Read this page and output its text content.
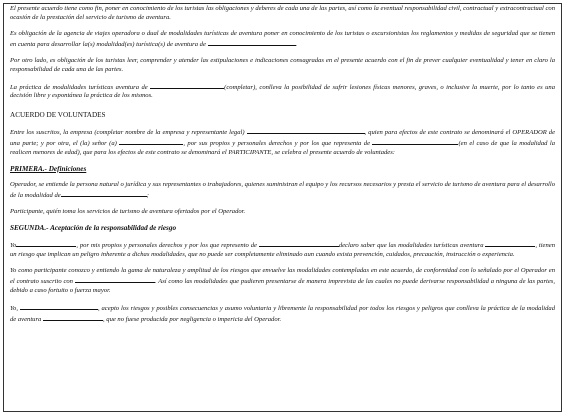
El presente acuerdo tiene como fin, poner en conocimiento de los turistas las obligaciones y deberes de cada una de las partes, así como la eventual responsabilidad civil, contractual y extracontractual con ocasión de la prestación del servicio de turismo de aventura.

Es obligación de la agencia de viajes operadora o dual de modalidades turísticas de aventura poner en conocimiento de los turistas o excursionistas los reglamentos y medidas de seguridad que se tienen en cuenta para desarrollar la(s) modalidad(es) turística(s) de aventura de	.

Por otro lado, es obligación de los turistas leer, comprender y atender las estipulaciones e indicaciones consagradas en el presente acuerdo con el fin de prever cualquier eventualidad y tener en claro la responsabilidad de cada una de las partes.

La práctica de modalidades turísticas aventura de	(completar), conlleva la posibilidad de sufrir lesiones físicas menores, graves, o inclusive la muerte, por lo tanto es una decisión libre y espontánea la práctica de los mismos.

ACUERDO DE VOLUNTADES

Entre los suscritos, la empresa (completar nombre de la empresa y representante legal)	, quien para efectos de este contrato se denominará el OPERADOR de una parte; y por otra, el (la) señor (a)	, por sus propios y personales derechos y por los que representa de	(en el caso de que la modalidad la realicen menores de edad), que para los efectos de este contrato se denominará el PARTICIPANTE, se celebra el presente acuerdo de voluntades:

PRIMERA.- Definiciones

Operador, se entiende la persona natural o jurídica y sus representantes o trabajadores, quienes suministran el equipo y los recursos necesarios y presta el servicio de turismo de aventura para el desarrollo de la modalidad de	;

Participante, quién toma los servicios de turismo de aventura ofertados por el Operador.

SEGUNDA.- Aceptación de la responsabilidad de riesgo

Yo	, por mis propios y personales derechos y por los que represento de	declaro saber que las modalidades turísticas aventura	, tienen un riesgo que implican un peligro inherente a dichas modalidades, que no puede ser completamente eliminado aun cuando exista prevención, cuidados, precaución, instrucción o experiencia.

Yo como participante conozco y entiendo la gama de naturaleza y amplitud de los riesgos que envuelve las modalidades contempladas en este acuerdo, de conformidad con lo señalado por el Operador en el contrato suscrito con	. Así como las modalidades que pudieren presentarse de manera imprevista de las cuales no puede derivarse responsabilidad a ninguna de las partes, debido a caso fortuito o fuerza mayor.

Yo,	, acepto los riesgos y posibles consecuencias y asumo voluntaria y libremente la responsabilidad por todos los riesgos y peligros que conlleva la práctica de la modalidad de aventura	, que no fuese producida por negligencia o impericia del Operador.
